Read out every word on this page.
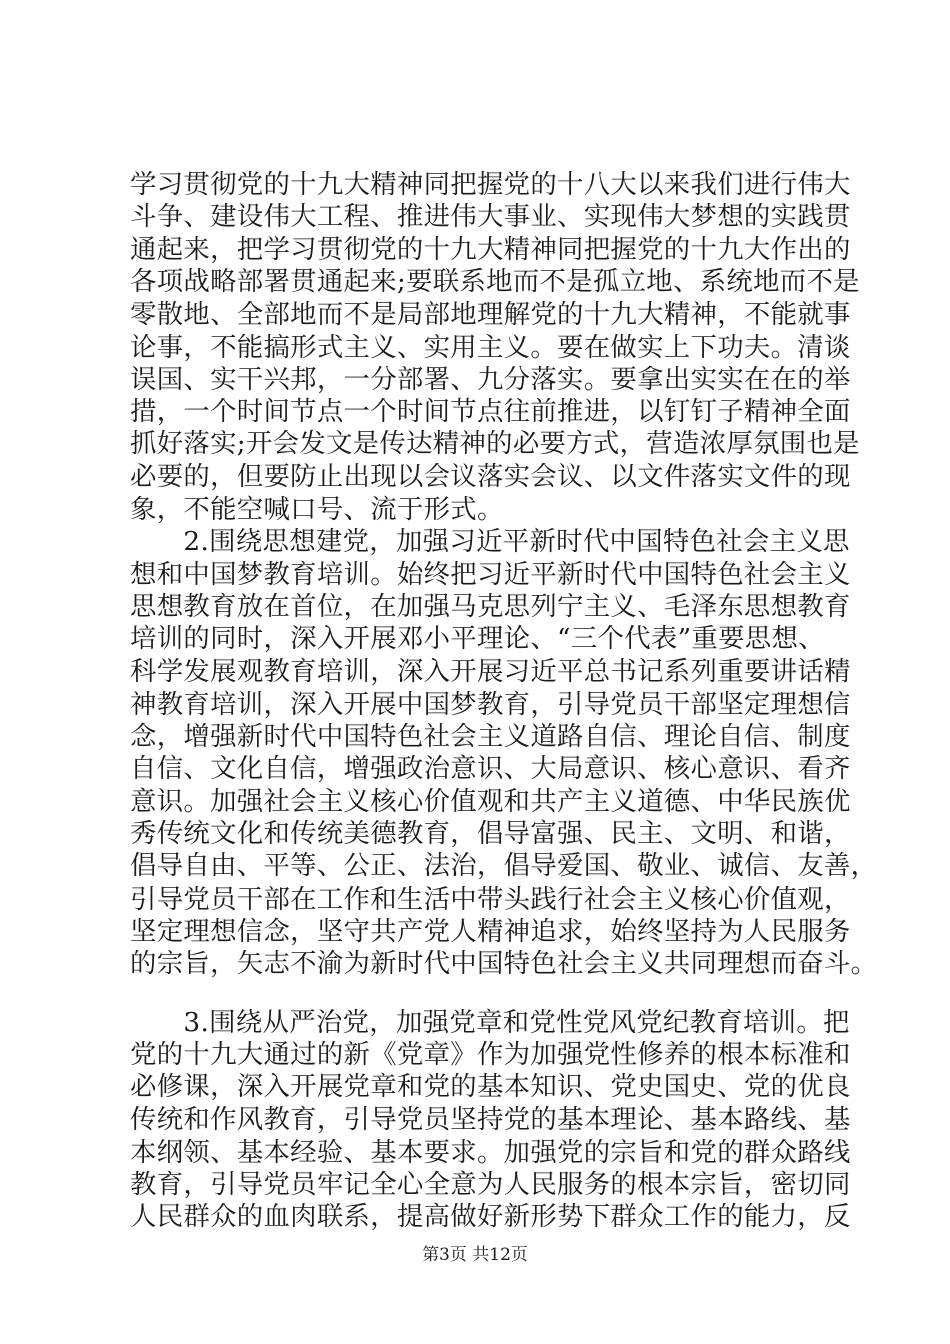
学习贯彻党的十九大精神同把握党的十八大以来我们进行伟大
斗争、建设伟大工程、推进伟大事业、实现伟大梦想的实践贯
通起来，把学习贯彻党的十九大精神同把握党的十九大作出的
各项战略部署贯通起来;要联系地而不是孤立地、系统地而不是
零散地、全部地而不是局部地理解党的十九大精神，不能就事
论事，不能搞形式主义、实用主义。要在做实上下功夫。清谈
误国、实干兴邦，一分部署、九分落实。要拿出实实在在的举
措，一个时间节点一个时间节点往前推进，以钉钉子精神全面
抓好落实;开会发文是传达精神的必要方式，营造浓厚氛围也是
必要的，但要防止出现以会议落实会议、以文件落实文件的现
象，不能空喊口号、流于形式。
　　2.围绕思想建党，加强习近平新时代中国特色社会主义思
想和中国梦教育培训。始终把习近平新时代中国特色社会主义
思想教育放在首位，在加强马克思列宁主义、毛泽东思想教育
培训的同时，深入开展邓小平理论、“三个代表”重要思想、
科学发展观教育培训，深入开展习近平总书记系列重要讲话精
神教育培训，深入开展中国梦教育，引导党员干部坚定理想信
念，增强新时代中国特色社会主义道路自信、理论自信、制度
自信、文化自信，增强政治意识、大局意识、核心意识、看齐
意识。加强社会主义核心价值观和共产主义道德、中华民族优
秀传统文化和传统美德教育，倡导富强、民主、文明、和谐，
倡导自由、平等、公正、法治，倡导爱国、敬业、诚信、友善，
引导党员干部在工作和生活中带头践行社会主义核心价值观，
坚定理想信念，坚守共产党人精神追求，始终坚持为人民服务
的宗旨，矢志不渝为新时代中国特色社会主义共同理想而奋斗。
　　3.围绕从严治党，加强党章和党性党风党纪教育培训。把
党的十九大通过的新《党章》作为加强党性修养的根本标准和
必修课，深入开展党章和党的基本知识、党史国史、党的优良
传统和作风教育，引导党员坚持党的基本理论、基本路线、基
本纲领、基本经验、基本要求。加强党的宗旨和党的群众路线
教育，引导党员牢记全心全意为人民服务的根本宗旨，密切同
人民群众的血肉联系，提高做好新形势下群众工作的能力，反
第3页 共12页
